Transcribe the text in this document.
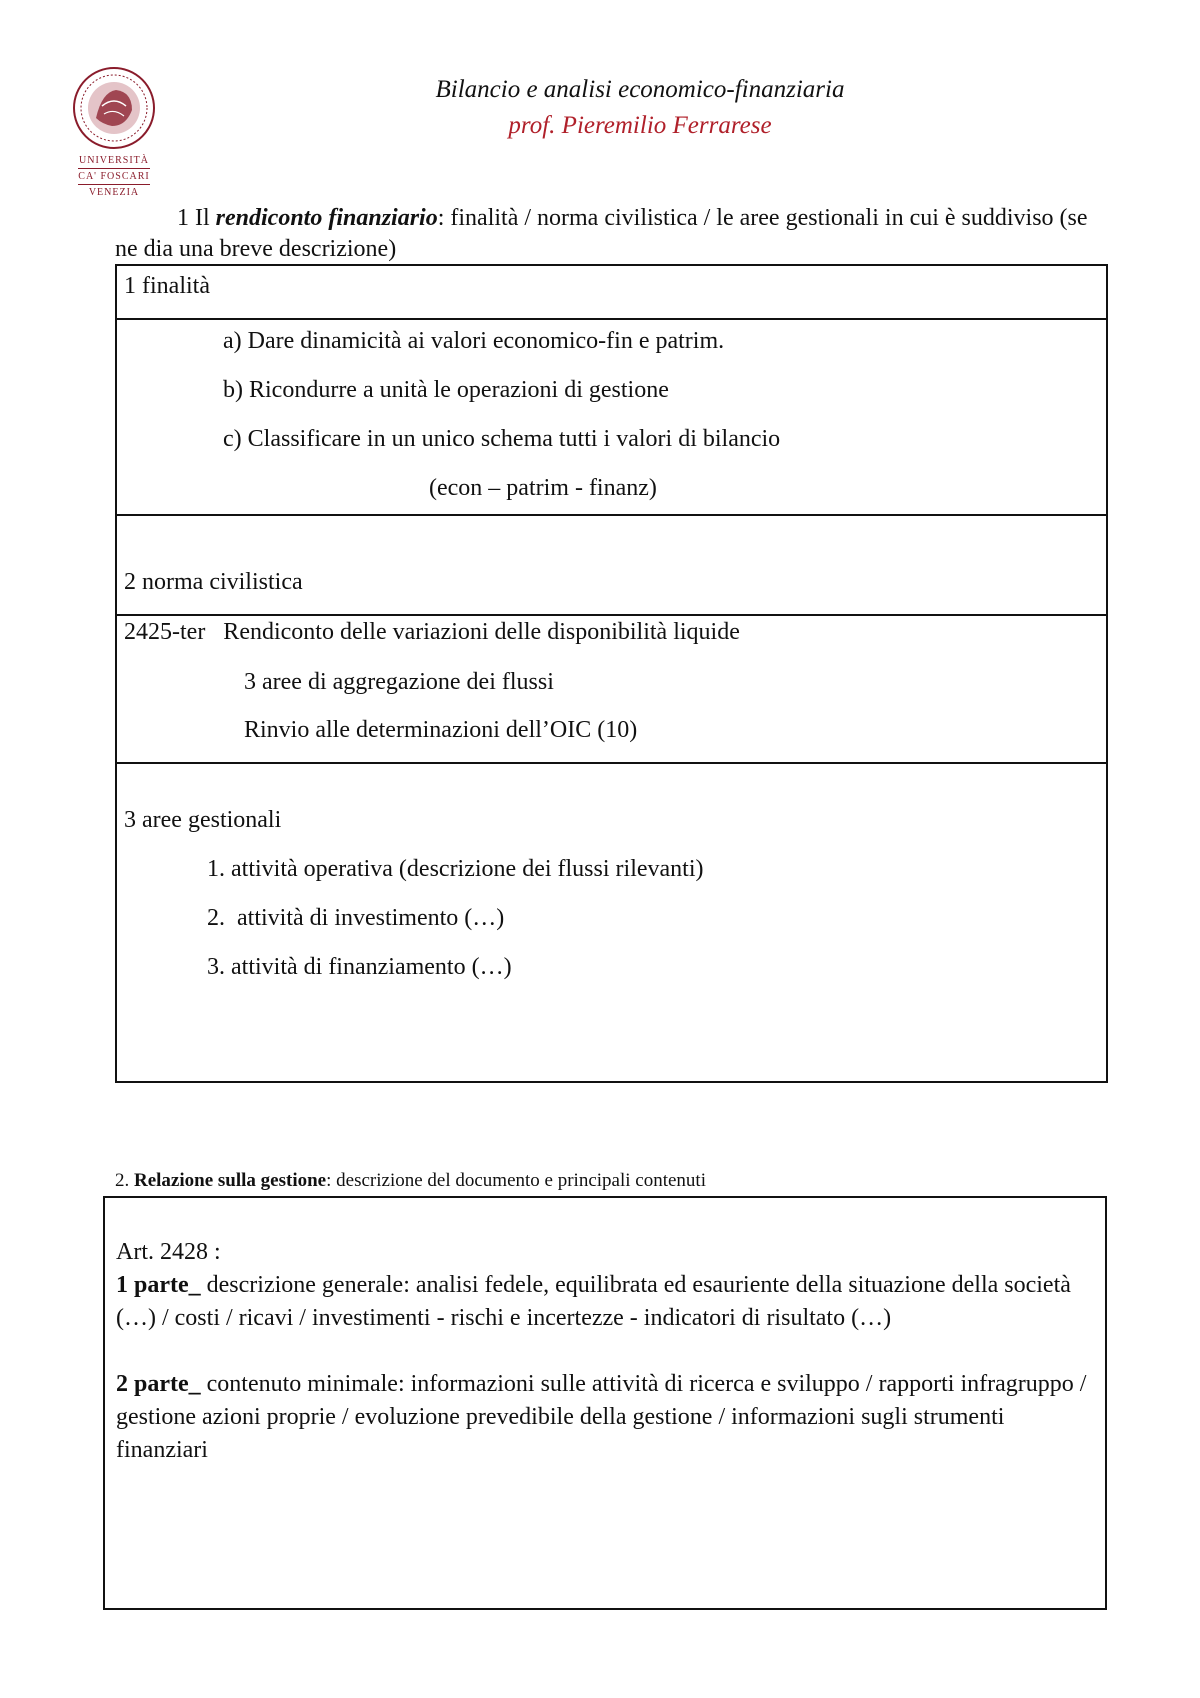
UNIVERSITÀ
CA' FOSCARI
VENEZIA
Bilancio e analisi economico-finanziaria
prof. Pieremilio Ferrarese
1 Il rendiconto finanziario: finalità / norma civilistica / le aree gestionali in cui è suddiviso (se ne dia una breve descrizione)
1 finalità
a) Dare dinamicità ai valori economico-fin e patrim.
b) Ricondurre a unità le operazioni di gestione
c) Classificare in un unico schema tutti i valori di bilancio
(econ – patrim - finanz)
2 norma civilistica
2425-ter   Rendiconto delle variazioni delle disponibilità liquide
3 aree di aggregazione dei flussi
Rinvio alle determinazioni dell’OIC (10)
3 aree gestionali
1. attività operativa (descrizione dei flussi rilevanti)
2.  attività di investimento (…)
3. attività di finanziamento (…)
2. Relazione sulla gestione: descrizione del documento e principali contenuti

Art. 2428 :

1 parte_ descrizione generale: analisi fedele, equilibrata ed esauriente della situazione della società (…) / costi / ricavi / investimenti - rischi e incertezze - indicatori di risultato (…)

2 parte_ contenuto minimale: informazioni sulle attività di ricerca e sviluppo / rapporti infragruppo / gestione azioni proprie / evoluzione prevedibile della gestione / informazioni sugli strumenti finanziari
